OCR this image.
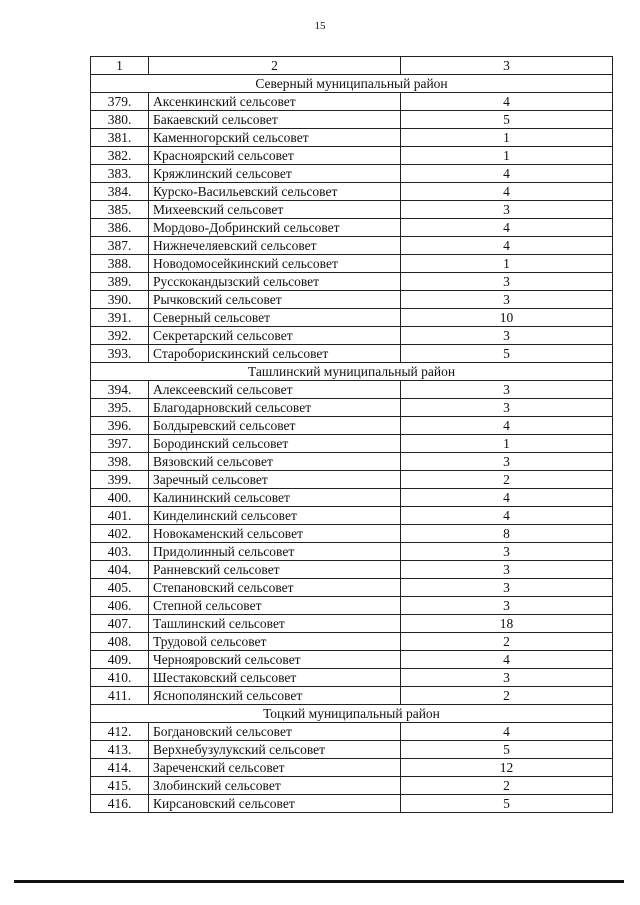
15
1	2	3
Северный муниципальный район		
379.	Аксенкинский сельсовет	4
380.	Бакаевский сельсовет	5
381.	Каменногорский сельсовет	1
382.	Красноярский сельсовет	1
383.	Кряжлинский сельсовет	4
384.	Курско-Васильевский сельсовет	4
385.	Михеевский сельсовет	3
386.	Мордово-Добринский сельсовет	4
387.	Нижнечеляевский сельсовет	4
388.	Новодомосейкинский сельсовет	1
389.	Русскокандызский сельсовет	3
390.	Рычковский сельсовет	3
391.	Северный сельсовет	10
392.	Секретарский сельсовет	3
393.	Староборискинский сельсовет	5
Ташлинский муниципальный район		
394.	Алексеевский сельсовет	3
395.	Благодарновский сельсовет	3
396.	Болдыревский сельсовет	4
397.	Бородинский сельсовет	1
398.	Вязовский сельсовет	3
399.	Заречный сельсовет	2
400.	Калининский сельсовет	4
401.	Кинделинский сельсовет	4
402.	Новокаменский сельсовет	8
403.	Придолинный сельсовет	3
404.	Ранневский сельсовет	3
405.	Степановский сельсовет	3
406.	Степной сельсовет	3
407.	Ташлинский сельсовет	18
408.	Трудовой сельсовет	2
409.	Чернояровский сельсовет	4
410.	Шестаковский сельсовет	3
411.	Яснополянский сельсовет	2
Тоцкий муниципальный район		
412.	Богдановский сельсовет	4
413.	Верхнебузулукский сельсовет	5
414.	Зареченский сельсовет	12
415.	Злобинский сельсовет	2
416.	Кирсановский сельсовет	5
